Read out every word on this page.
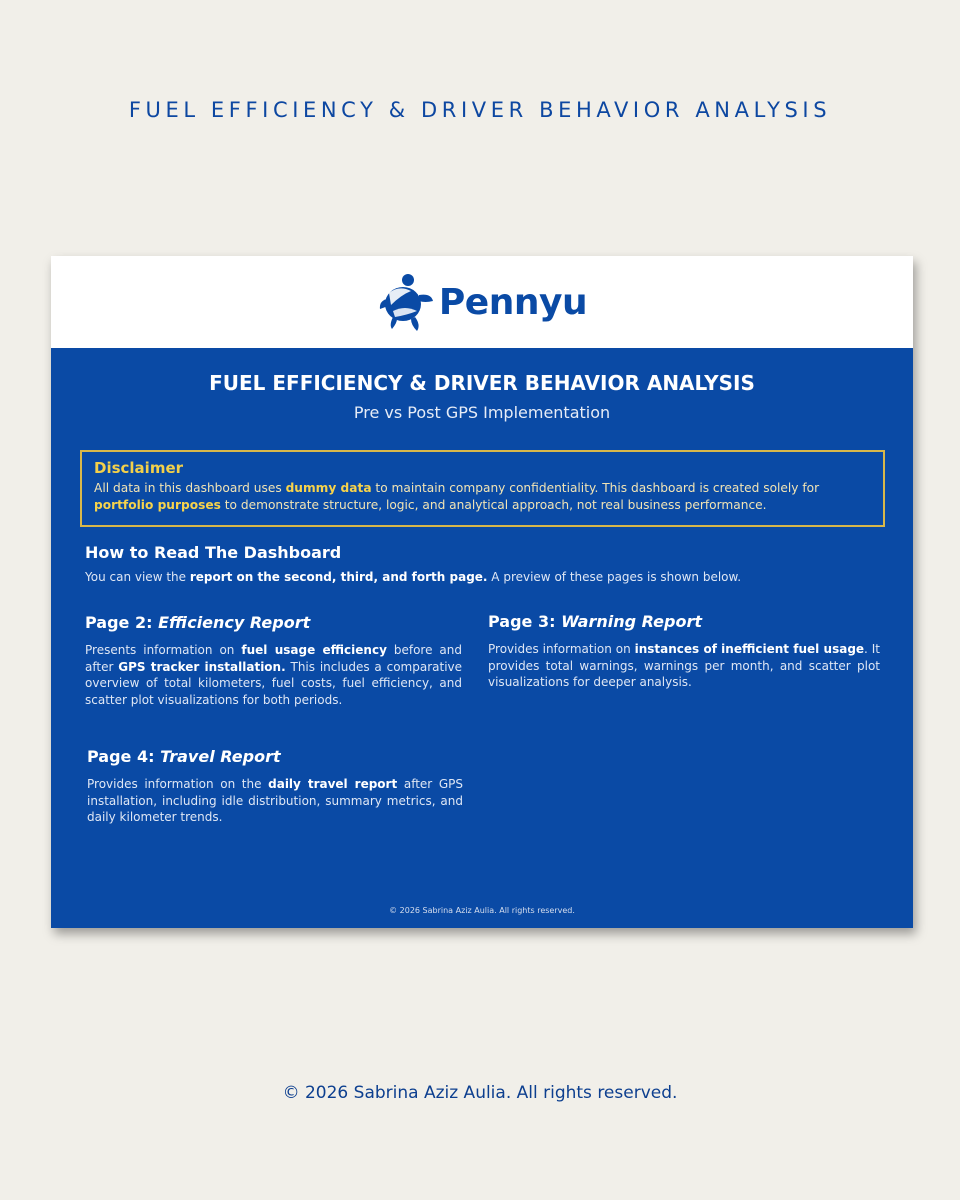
FUEL EFFICIENCY & DRIVER BEHAVIOR ANALYSIS
Pennyu
FUEL EFFICIENCY & DRIVER BEHAVIOR ANALYSIS
Pre vs Post GPS Implementation
Disclaimer
All data in this dashboard uses dummy data to maintain company confidentiality. This dashboard is created solely for portfolio purposes to demonstrate structure, logic, and analytical approach, not real business performance.
How to Read The Dashboard
You can view the report on the second, third, and forth page. A preview of these pages is shown below.
Page 2: Efficiency Report

Presents information on fuel usage efficiency before and after GPS tracker installation. This includes a comparative overview of total kilometers, fuel costs, fuel efficiency, and scatter plot visualizations for both periods.

Page 3: Warning Report

Provides information on instances of inefficient fuel usage. It provides total warnings, warnings per month, and scatter plot visualizations for deeper analysis.

Page 4: Travel Report

Provides information on the daily travel report after GPS installation, including idle distribution, summary metrics, and daily kilometer trends.

© 2026 Sabrina Aziz Aulia. All rights reserved.
© 2026 Sabrina Aziz Aulia. All rights reserved.
